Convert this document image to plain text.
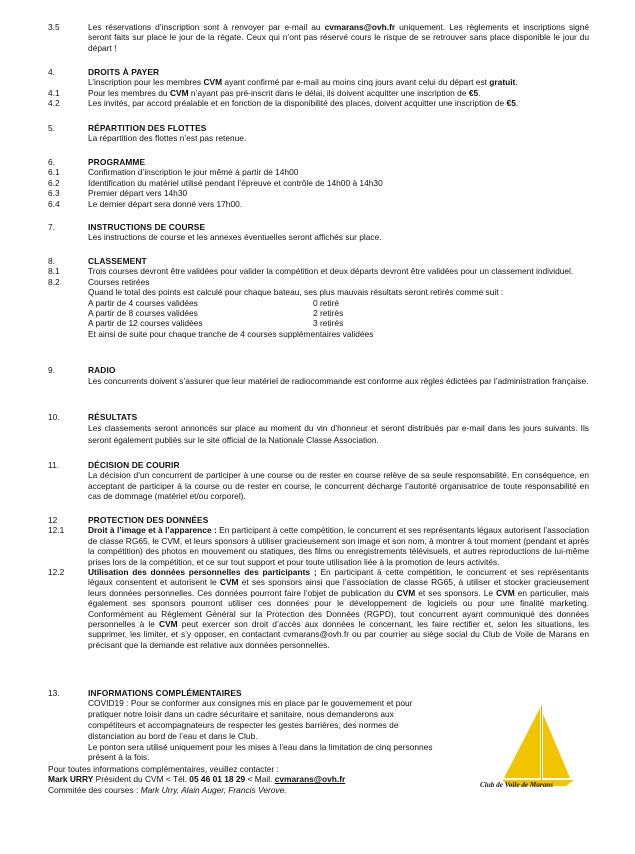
3.5	Les réservations d’inscription sont à renvoyer par e-mail au cvmarans@ovh.fr uniquement. Les règlements et inscriptions signé seront faits sur place le jour de la régate. Ceux qui n’ont pas réservé cours le risque de se retrouver sans place disponible le jour du départ !
4.	DROITS À PAYER
L’inscription pour les membres CVM ayant confirmé par e-mail au moins cinq jours avant celui du départ est gratuit.
4.1	Pour les membres du CVM n’ayant pas pré-inscrit dans le délai, ils doivent acquitter une inscription de €5.
4.2	Les invités, par accord préalable et en fonction de la disponibilité des places, doivent acquitter une inscription de €5.
5.	RÉPARTITION DES FLOTTES
La répartition des flottes n’est pas retenue.
6.	PROGRAMME
6.1	Confirmation d’inscription le jour même à partir de 14h00
6.2	Identification du matériel utilisé pendant l’épreuve et contrôle de 14h00 à 14h30
6.3	Premier départ vers 14h30
6.4	Le dernier départ sera donné vers 17h00.
7.	INSTRUCTIONS DE COURSE
Les instructions de course et les annexes éventuelles seront affichés sur place.
8.	CLASSEMENT
8.1	Trois courses devront être validées pour valider la compétition et deux départs devront être validées pour un classement individuel.
8.2	Courses retirées
Quand le total des points est calculé pour chaque bateau, ses plus mauvais résultats seront retirés comme suit :
A partir de 4 courses validées	0 retiré
A partir de 8 courses validées	2 retirés
A partir de 12 courses validées	3 retirés
Et ainsi de suite pour chaque tranche de 4 courses supplémentaires validées
9.	RADIO
Les concurrents doivent s’assurer que leur matériel de radiocommande est conforme aux règles édictées par l’administration française.
10.	RÉSULTATS
Les classements seront annoncés sur place au moment du vin d’honneur et seront distribués par e-mail dans les jours suivants. Ils seront également publiés sur le site official de la Nationale Classe Association.
11.	DÉCISION DE COURIR
La décision d’un concurrent de participer à une course ou de rester en course relève de sa seule responsabilité. En conséquence, en acceptant de participer à la course ou de rester en course, le concurrent décharge l’autorité organisatrice de toute responsabilité en cas de dommage (matériel et/ou corporel).
12	PROTECTION DES DONNÉES
12.1	Droit à l’image et à l’apparence : En participant à cette compétition, le concurrent et ses représentants légaux autorisent l’association de classe RG65, le CVM, et leurs sponsors à utiliser gracieusement son image et son nom, à montrer à tout moment (pendant et après la compétition) des photos en mouvement ou statiques, des films ou enregistrements télévisuels, et autres reproductions de lui-même prises lors de la compétition, et ce sur tout support et pour toute utilisation liée à la promotion de leurs activités.
12.2	Utilisation des données personnelles des participants ; En participant à cette compétition, le concurrent et ses représentants légaux consentent et autorisent le CVM et ses sponsors ainsi que l’association de classe RG65, à utiliser et stocker gracieusement leurs données personnelles. Ces données pourront faire l’objet de publication du CVM et ses sponsors. Le CVM en particulier, mais également ses sponsors pourront utiliser ces données pour le développement de logiciels ou pour une finalité marketing. Conformément au Règlement Général sur la Protection des Données (RGPD), tout concurrent ayant communiqué des données personnelles à le CVM peut exercer son droit d’accès aux données le concernant, les faire rectifier et, selon les situations, les supprimer, les limiter, et s’y opposer, en contactant cvmarans@ovh.fr ou par courrier au siège social du Club de Voile de Marans en précisant que la demande est relative aux données personnelles.
13.	INFORMATIONS COMPLÉMENTAIRES
COVID19 : Pour se conformer aux consignes mis en place par le gouvernement et pour pratiquer notre loisir dans un cadre sécuritaire et sanitaire, nous demanderons aux compétiteurs et accompagnateurs de respecter les gestes barrières, des normes de distanciation au bord de l’eau et dans le Club.
Le ponton sera utilisé uniquement pour les mises à l’eau dans la limitation de cinq personnes présent à la fois.
Pour toutes informations complémentaires, veuillez contacter :
Mark URRY Président du CVM < Tél. 05 46 01 18 29 < Mail. cvmarans@ovh.fr
Commitée des courses : Mark Urry, Alain Auger, Francis Verove.	Club de Voile de Marans
